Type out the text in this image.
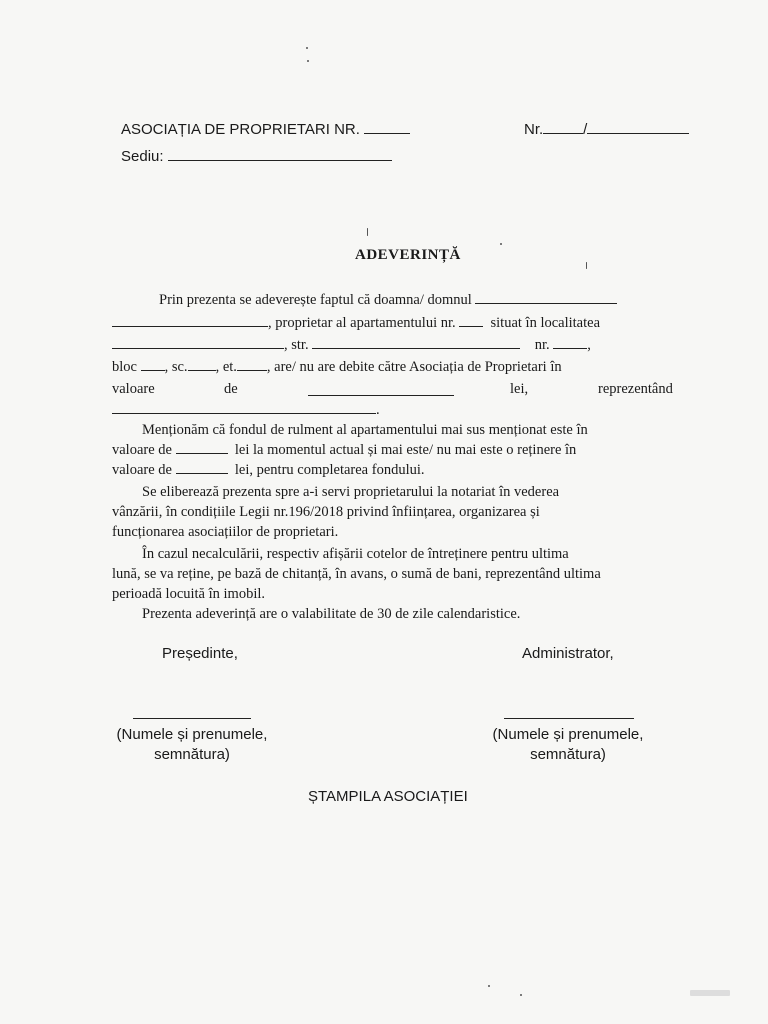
ASOCIAȚIA DE PROPRIETARI NR.	Nr.	/
Sediu:
ADEVERINȚĂ
Prin prezenta se adeverește faptul că doamna/ domnul
, proprietar al apartamentului nr. situat în localitatea
, str.	nr.	,
bloc , sc. , et. , are/ nu are debite către Asociația de Proprietari în
valoare	de	lei,	reprezentând
.
Menționăm că fondul de rulment al apartamentului mai sus menționat este în
valoare de	lei la momentul actual și mai este/ nu mai este o reținere în
valoare de	lei, pentru completarea fondului.
Se eliberează prezenta spre a-i servi proprietarului la notariat în vederea
vânzării, în condițiile Legii nr.196/2018 privind înființarea, organizarea și
funcționarea asociațiilor de proprietari.
În cazul necalculării, respectiv afișării cotelor de întreținere pentru ultima
lună, se va reține, pe bază de chitanță, în avans, o sumă de bani, reprezentând ultima
perioadă locuită în imobil.
Prezenta adeverință are o valabilitate de 30 de zile calendaristice.
Președinte,	Administrator,
(Numele și prenumele,
semnătura)
(Numele și prenumele,
semnătura)
ȘTAMPILA ASOCIAȚIEI
